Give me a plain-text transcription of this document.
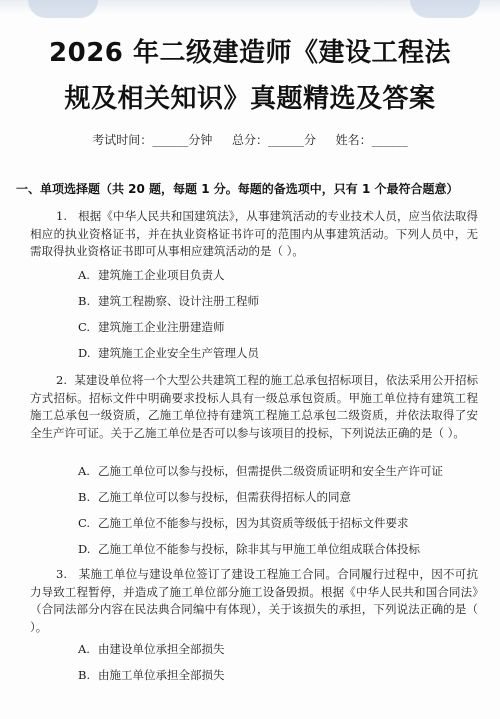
2026 年二级建造师《建设工程法
规及相关知识》真题精选及答案
考试时间：______分钟 总分：______分 姓名：______
一、单项选择题（共 20 题，每题 1 分。每题的备选项中，只有 1 个最符合题意）

1. 根据《中华人民共和国建筑法》，从事建筑活动的专业技术人员，应当依法取得相应的执业资格证书，并在执业资格证书许可的范围内从事建筑活动。下列人员中，无需取得执业资格证书即可从事相应建筑活动的是（ ）。

A. 建筑施工企业项目负责人

B. 建筑工程勘察、设计注册工程师

C. 建筑施工企业注册建造师

D. 建筑施工企业安全生产管理人员

2. 某建设单位将一个大型公共建筑工程的施工总承包招标项目，依法采用公开招标方式招标。招标文件中明确要求投标人具有一级总承包资质。甲施工单位持有建筑工程施工总承包一级资质，乙施工单位持有建筑工程施工总承包二级资质，并依法取得了安全生产许可证。关于乙施工单位是否可以参与该项目的投标，下列说法正确的是（ ）。

A. 乙施工单位可以参与投标，但需提供二级资质证明和安全生产许可证

B. 乙施工单位可以参与投标，但需获得招标人的同意

C. 乙施工单位不能参与投标，因为其资质等级低于招标文件要求

D. 乙施工单位不能参与投标，除非其与甲施工单位组成联合体投标

3. 某施工单位与建设单位签订了建设工程施工合同。合同履行过程中，因不可抗力导致工程暂停，并造成了施工单位部分施工设备毁损。根据《中华人民共和国合同法》（合同法部分内容在民法典合同编中有体现），关于该损失的承担，下列说法正确的是（ ）。

A. 由建设单位承担全部损失

B. 由施工单位承担全部损失
